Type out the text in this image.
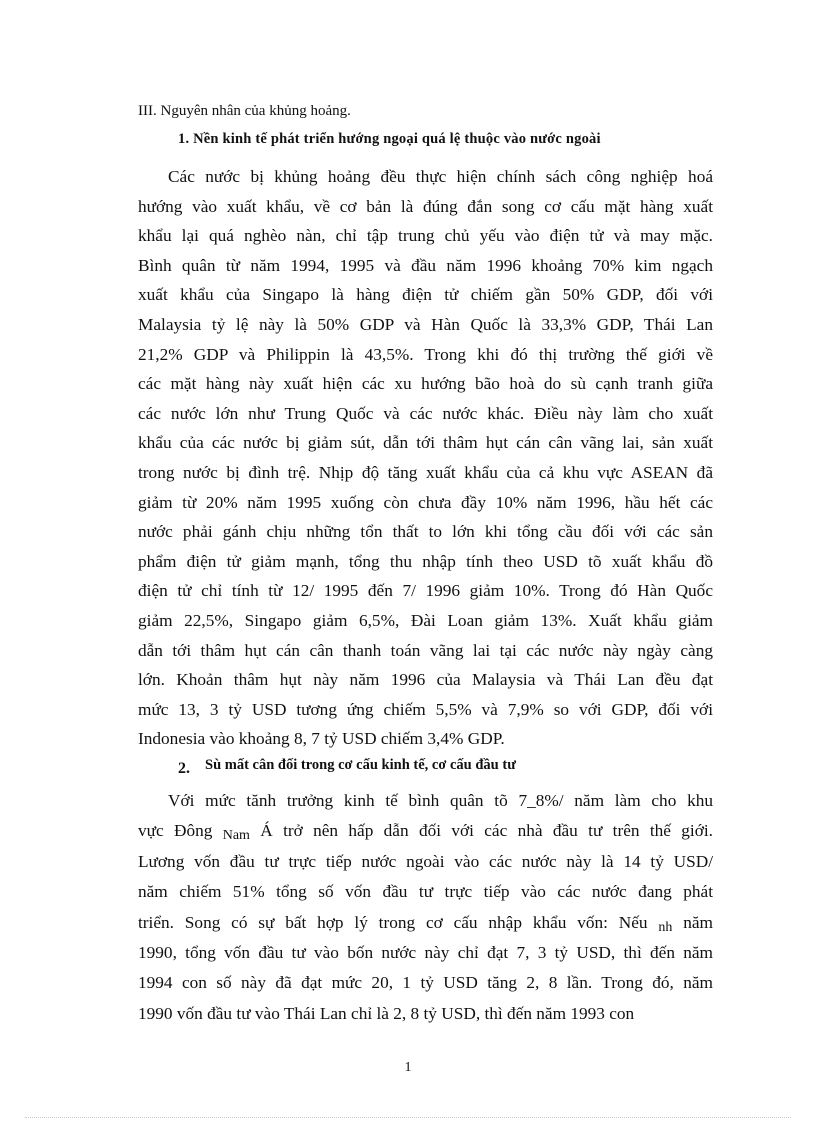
III. Nguyên nhân của khủng hoảng.
1. Nền kinh tế phát triển hướng ngoại quá lệ thuộc vào nước ngoài
Các nước bị khủng hoảng đều thực hiện chính sách công nghiệp hoá
hướng vào xuất khẩu, về cơ bản là đúng đắn song cơ cấu mặt hàng xuất
khẩu lại quá nghèo nàn, chỉ tập trung chủ yếu vào điện tử và may mặc.
Bình quân từ năm 1994, 1995 và đầu năm 1996 khoảng 70% kim ngạch
xuất khẩu của Singapo là hàng điện tử chiếm gần 50% GDP, đối với
Malaysia tỷ lệ này là 50% GDP và Hàn Quốc là 33,3% GDP, Thái Lan
21,2% GDP và Philippin là 43,5%. Trong khi đó thị trường thế giới về
các mặt hàng này xuất hiện các xu hướng bão hoà do sù cạnh tranh giữa
các nước lớn như Trung Quốc và các nước khác. Điều này làm cho xuất
khẩu của các nước bị giảm sút, dẫn tới thâm hụt cán cân vãng lai, sản xuất
trong nước bị đình trệ. Nhịp độ tăng xuất khẩu của cả khu vực ASEAN đã
giảm từ 20% năm 1995 xuống còn chưa đầy 10% năm 1996, hầu hết các
nước phải gánh chịu những tổn thất to lớn khi tổng cầu đối với các sản
phẩm điện tử giảm mạnh, tổng thu nhập tính theo USD tõ xuất khẩu đồ
điện tử chỉ tính từ 12/ 1995 đến 7/ 1996 giảm 10%. Trong đó Hàn Quốc
giảm 22,5%, Singapo giảm 6,5%, Đài Loan giảm 13%. Xuất khẩu giảm
dẫn tới thâm hụt cán cân thanh toán vãng lai tại các nước này ngày càng
lớn. Khoản thâm hụt này năm 1996 của Malaysia và Thái Lan đều đạt
mức 13, 3 tỷ USD tương ứng chiếm 5,5% và 7,9% so với GDP, đối với
Indonesia vào khoảng 8, 7 tỷ USD chiếm 3,4% GDP.
2. Sù mất cân đối trong cơ cấu kinh tế, cơ cấu đầu tư
Với mức tănh trưởng kinh tế bình quân tõ 7_8%/ năm làm cho khu
vực Đông $_{Nam}$ Á trở nên hấp dẫn đối với các nhà đầu tư trên thế giới.
Lương vốn đầu tư trực tiếp nước ngoài vào các nước này là 14 tỷ USD/
năm chiếm 51% tổng số vốn đầu tư trực tiếp vào các nước đang phát
triển. Song có sự bất hợp lý trong cơ cấu nhập khẩu vốn: Nếu $_{nh}$ năm
1990, tổng vốn đầu tư vào bốn nước này chỉ đạt 7, 3 tỷ USD, thì đến năm
1994 con số này đã đạt mức 20, 1 tỷ USD tăng 2, 8 lần. Trong đó, năm
1990 vốn đầu tư vào Thái Lan chỉ là 2, 8 tỷ USD, thì đến năm 1993 con
1
